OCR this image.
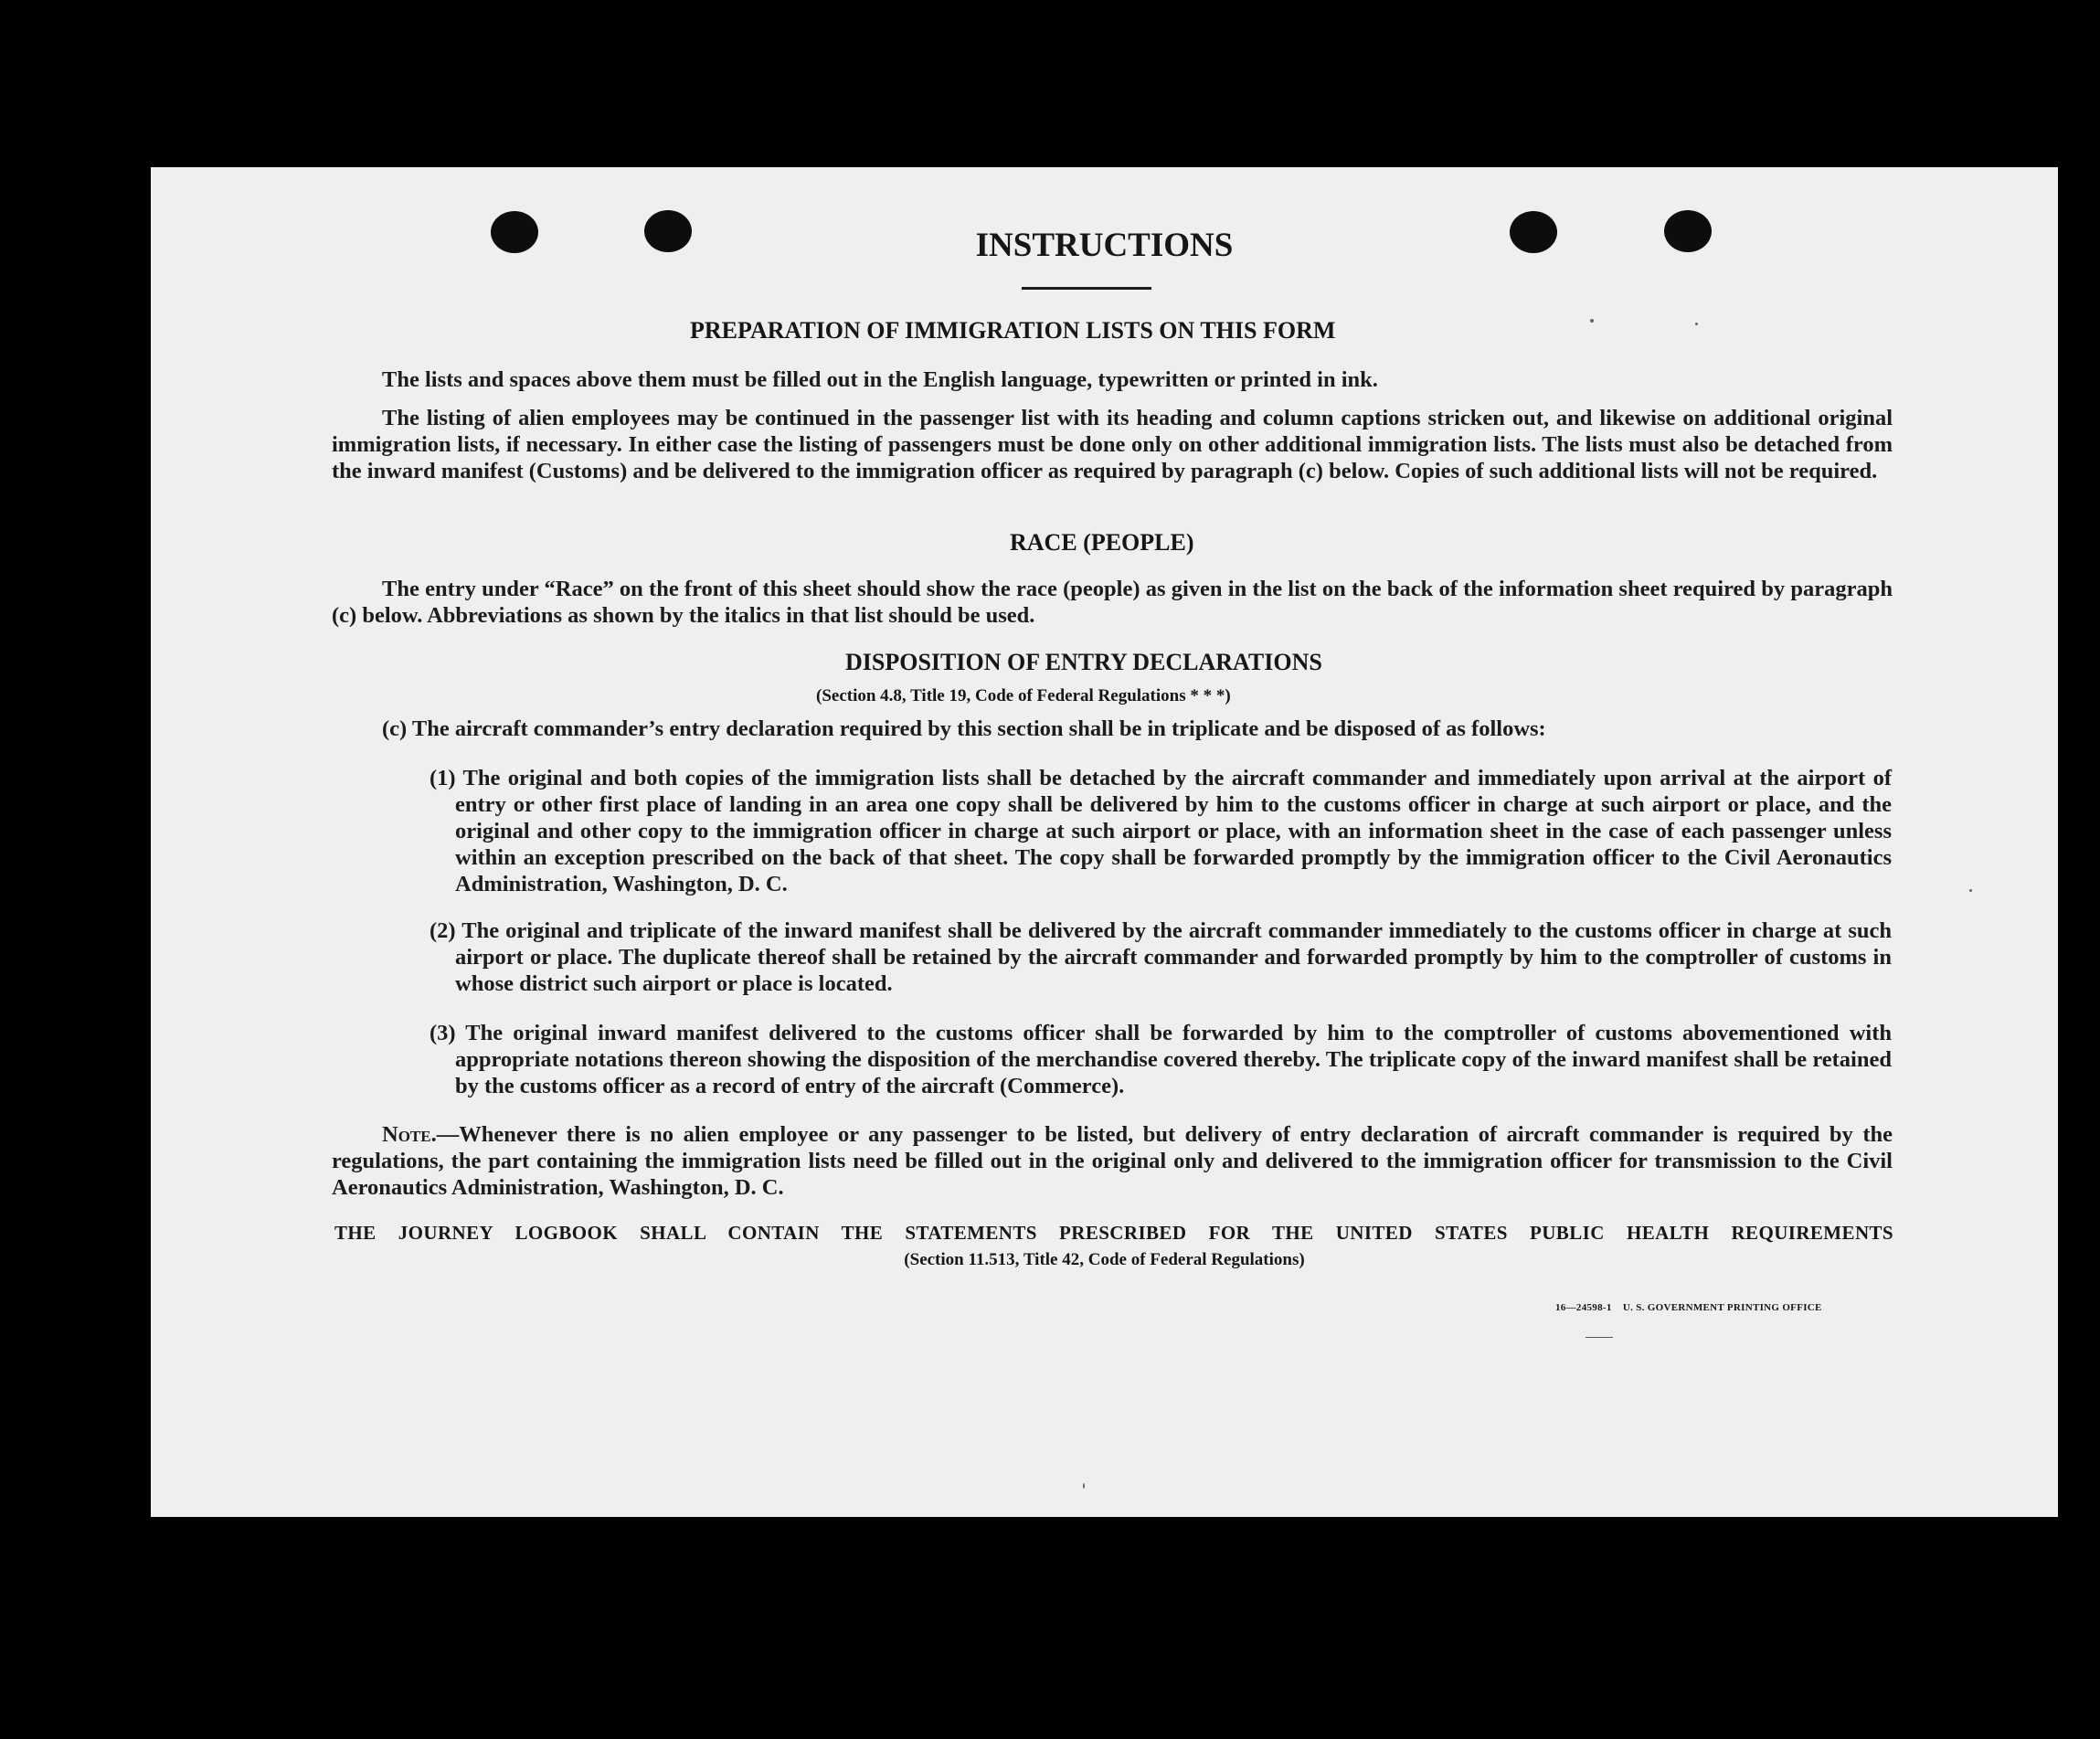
INSTRUCTIONS
PREPARATION OF IMMIGRATION LISTS ON THIS FORM

The lists and spaces above them must be filled out in the English language, typewritten or printed in ink.

The listing of alien employees may be continued in the passenger list with its heading and column captions stricken out, and likewise on additional original immigration lists, if necessary. In either case the listing of passengers must be done only on other additional immigration lists. The lists must also be detached from the inward manifest (Customs) and be delivered to the immigration officer as required by paragraph (c) below. Copies of such additional lists will not be required.

RACE (PEOPLE)

The entry under “Race” on the front of this sheet should show the race (people) as given in the list on the back of the information sheet required by paragraph (c) below. Abbreviations as shown by the italics in that list should be used.

DISPOSITION OF ENTRY DECLARATIONS
(Section 4.8, Title 19, Code of Federal Regulations * * *)
(c) The aircraft commander’s entry declaration required by this section shall be in triplicate and be disposed of as follows:
(1) The original and both copies of the immigration lists shall be detached by the aircraft commander and immediately upon arrival at the airport of entry or other first place of landing in an area one copy shall be delivered by him to the customs officer in charge at such airport or place, and the original and other copy to the immigration officer in charge at such airport or place, with an information sheet in the case of each passenger unless within an exception prescribed on the back of that sheet. The copy shall be forwarded promptly by the immigration officer to the Civil Aeronautics Administration, Washington, D. C.
(2) The original and triplicate of the inward manifest shall be delivered by the aircraft commander immediately to the customs officer in charge at such airport or place. The duplicate thereof shall be retained by the aircraft commander and forwarded promptly by him to the comptroller of customs in whose district such airport or place is located.
(3) The original inward manifest delivered to the customs officer shall be forwarded by him to the comptroller of customs abovementioned with appropriate notations thereon showing the disposition of the merchandise covered thereby. The triplicate copy of the inward manifest shall be retained by the customs officer as a record of entry of the aircraft (Commerce).

Note.—Whenever there is no alien employee or any passenger to be listed, but delivery of entry declaration of aircraft commander is required by the regulations, the part containing the immigration lists need be filled out in the original only and delivered to the immigration officer for transmission to the Civil Aeronautics Administration, Washington, D. C.

THE JOURNEY LOGBOOK SHALL CONTAIN THE STATEMENTS PRESCRIBED FOR THE UNITED STATES PUBLIC HEALTH REQUIREMENTS
(Section 11.513, Title 42, Code of Federal Regulations)
16—24598-1 U. S. GOVERNMENT PRINTING OFFICE
